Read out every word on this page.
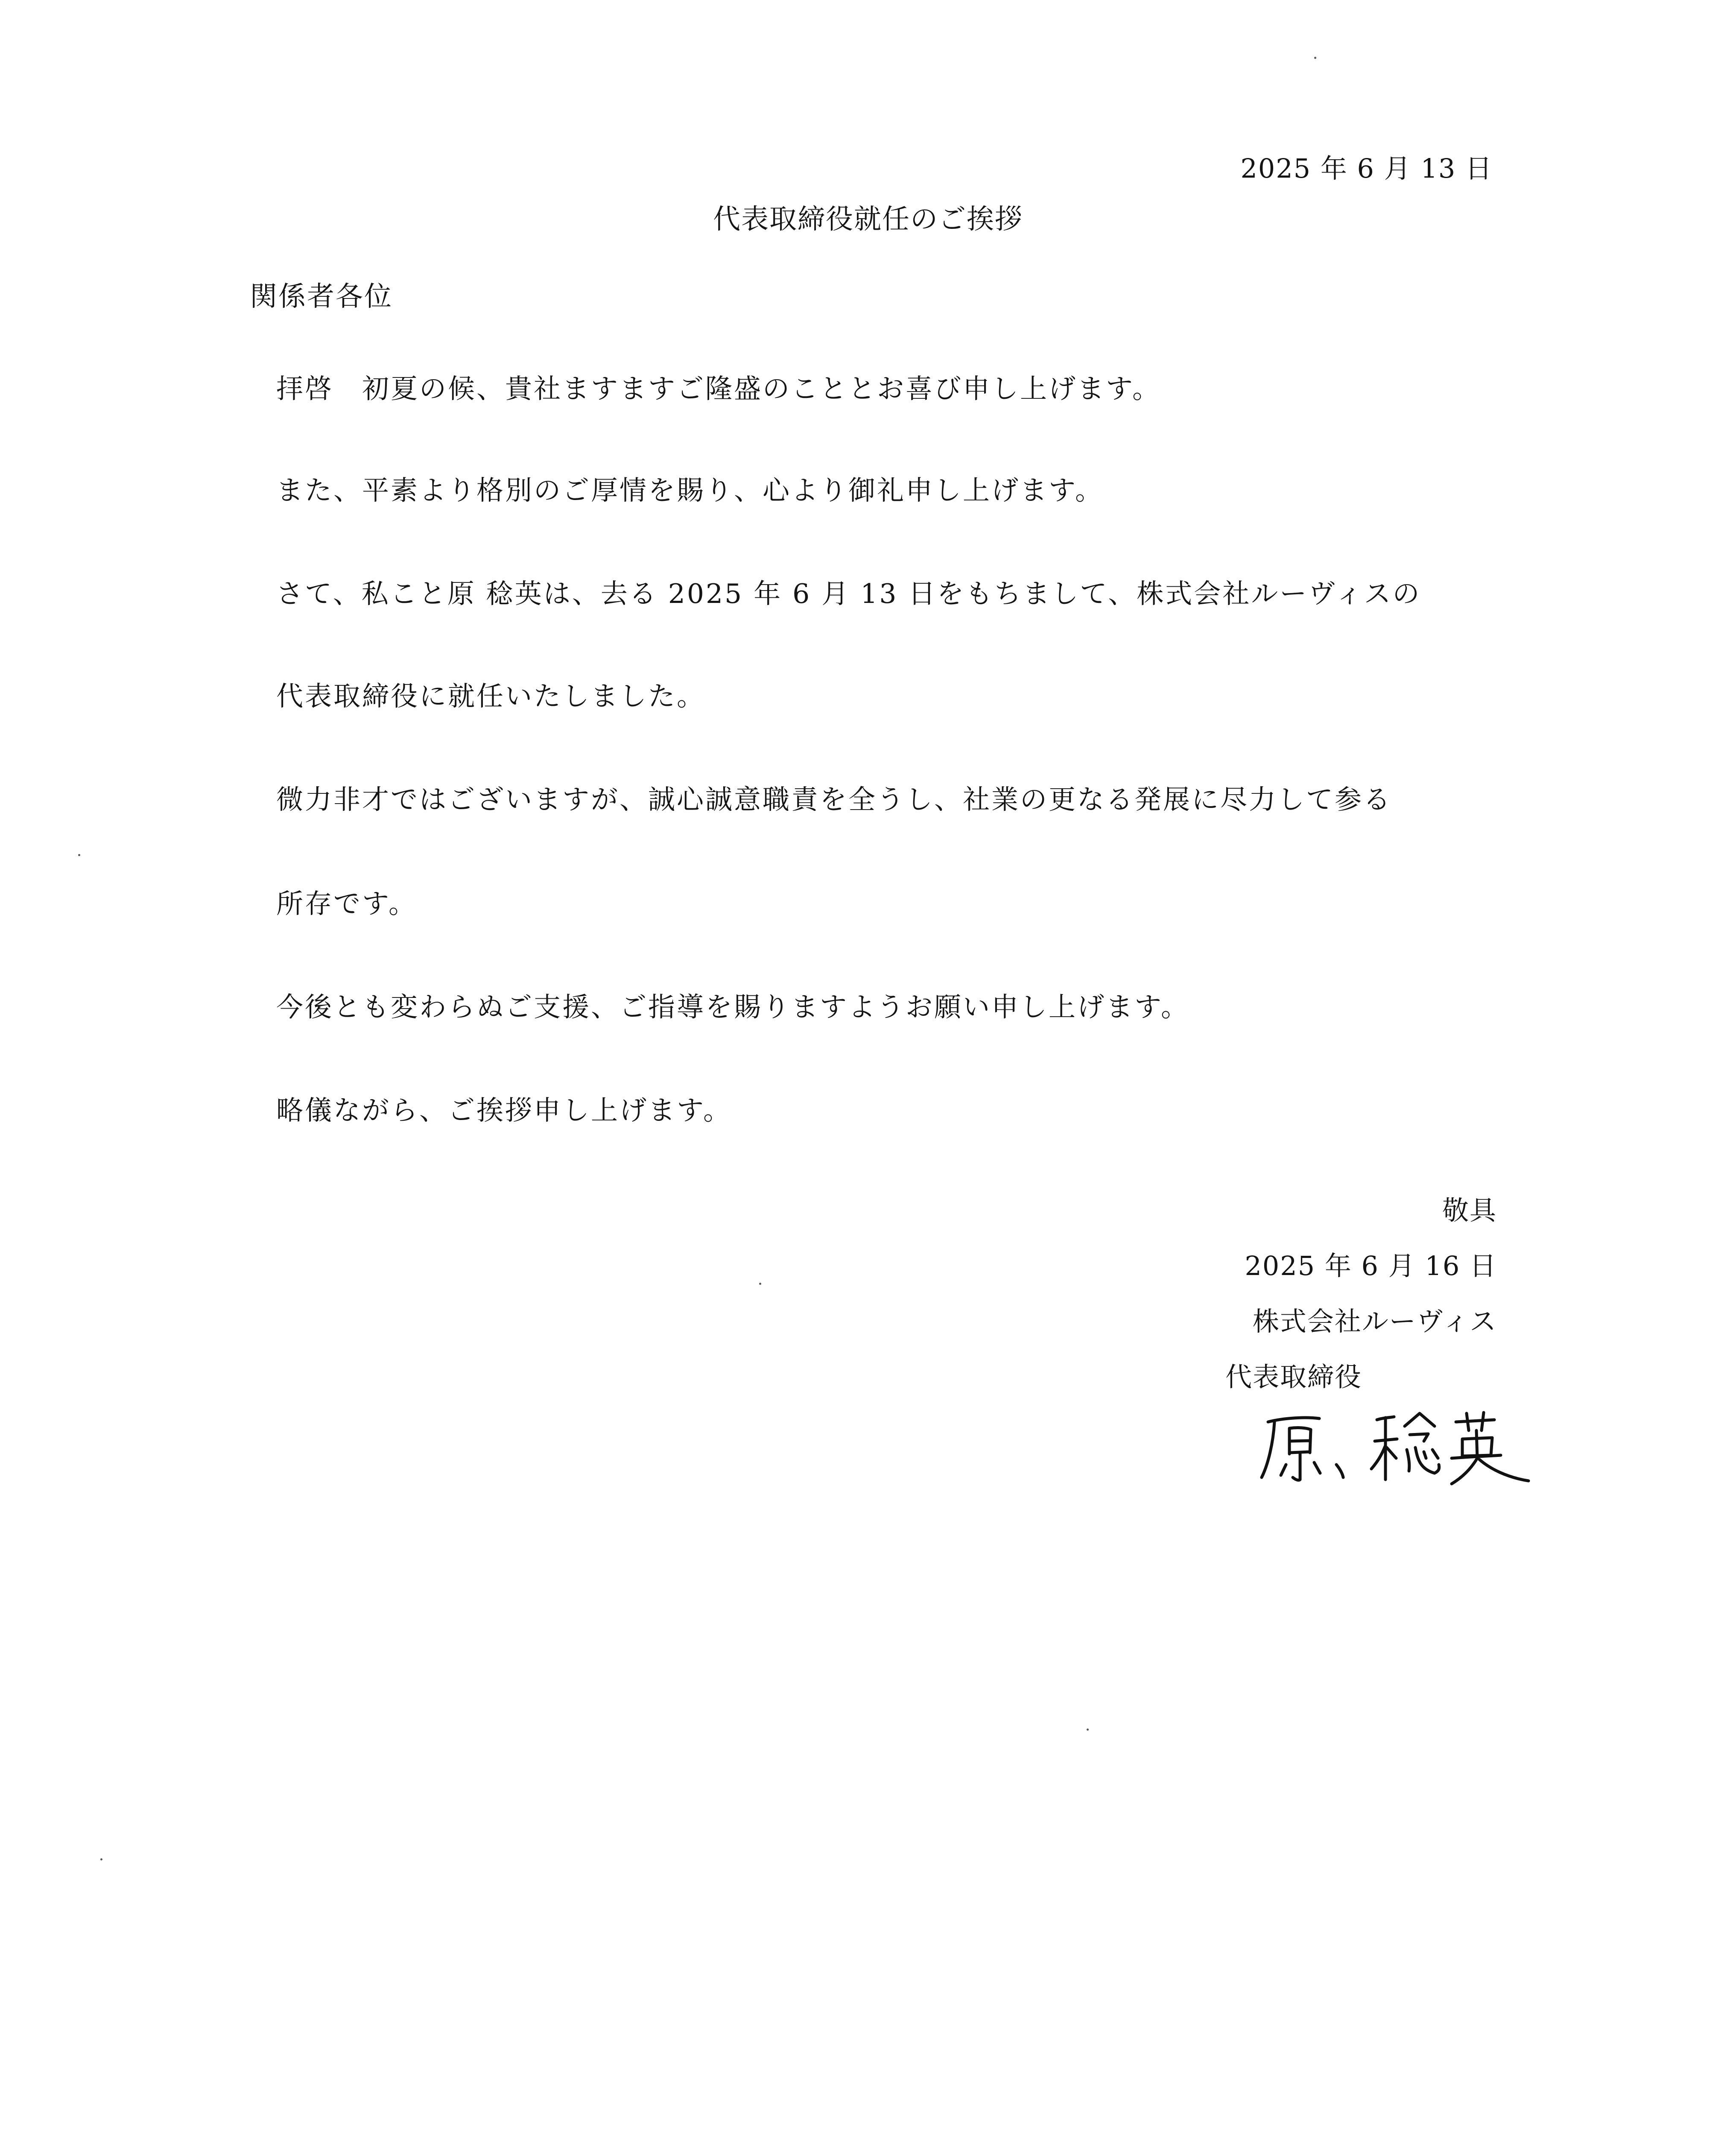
2025 年 6 月 13 日
代表取締役就任のご挨拶
関係者各位
拝啓　初夏の候、貴社ますますご隆盛のこととお喜び申し上げます。
また、平素より格別のご厚情を賜り、心より御礼申し上げます。
さて、私こと原 稔英は、去る 2025 年 6 月 13 日をもちまして、株式会社ルーヴィスの
代表取締役に就任いたしました。
微力非才ではございますが、誠心誠意職責を全うし、社業の更なる発展に尽力して参る
所存です。
今後とも変わらぬご支援、ご指導を賜りますようお願い申し上げます。
略儀ながら、ご挨拶申し上げます。
敬具
2025 年 6 月 16 日
株式会社ルーヴィス
代表取締役
